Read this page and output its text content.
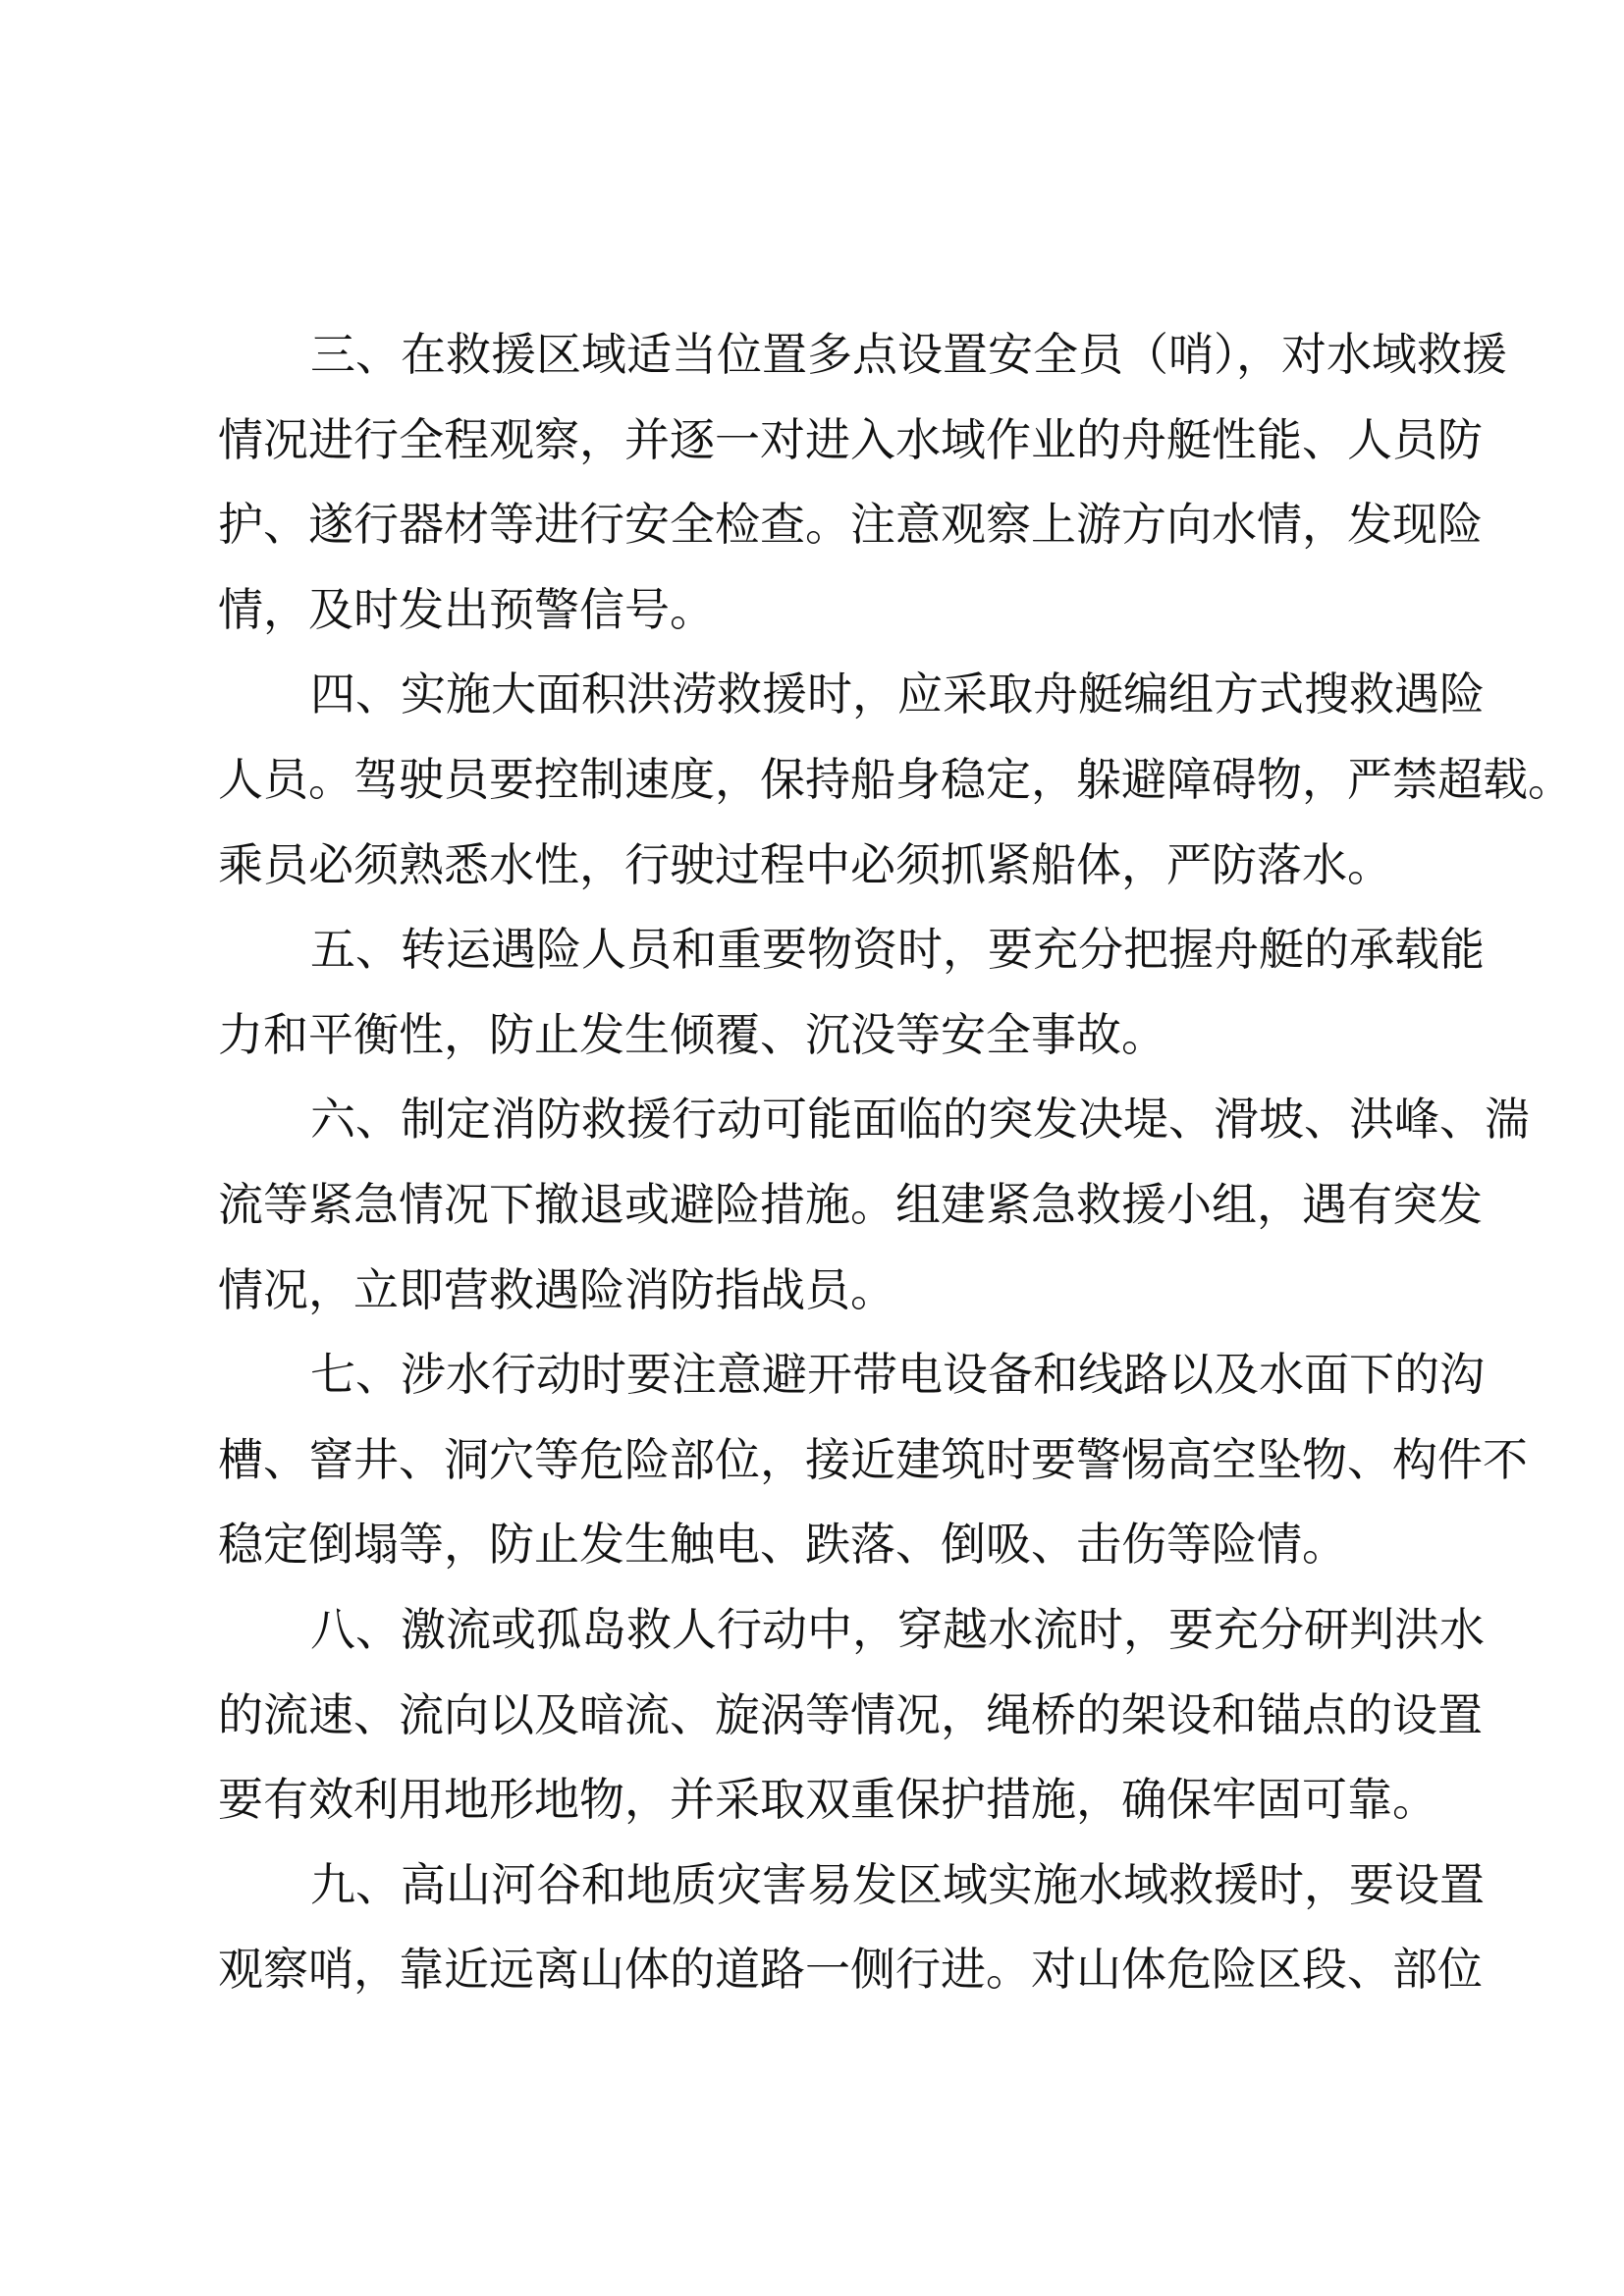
三、在救援区域适当位置多点设置安全员（哨），对水域救援
情况进行全程观察，并逐一对进入水域作业的舟艇性能、人员防
护、遂行器材等进行安全检查。注意观察上游方向水情，发现险
情，及时发出预警信号。
四、实施大面积洪涝救援时，应采取舟艇编组方式搜救遇险
人员。驾驶员要控制速度，保持船身稳定，躲避障碍物，严禁超载。
乘员必须熟悉水性，行驶过程中必须抓紧船体，严防落水。
五、转运遇险人员和重要物资时，要充分把握舟艇的承载能
力和平衡性，防止发生倾覆、沉没等安全事故。
六、制定消防救援行动可能面临的突发决堤、滑坡、洪峰、湍
流等紧急情况下撤退或避险措施。组建紧急救援小组，遇有突发
情况，立即营救遇险消防指战员。
七、涉水行动时要注意避开带电设备和线路以及水面下的沟
槽、窨井、洞穴等危险部位，接近建筑时要警惕高空坠物、构件不
稳定倒塌等，防止发生触电、跌落、倒吸、击伤等险情。
八、激流或孤岛救人行动中，穿越水流时，要充分研判洪水
的流速、流向以及暗流、旋涡等情况，绳桥的架设和锚点的设置
要有效利用地形地物，并采取双重保护措施，确保牢固可靠。
九、高山河谷和地质灾害易发区域实施水域救援时，要设置
观察哨，靠近远离山体的道路一侧行进。对山体危险区段、部位
